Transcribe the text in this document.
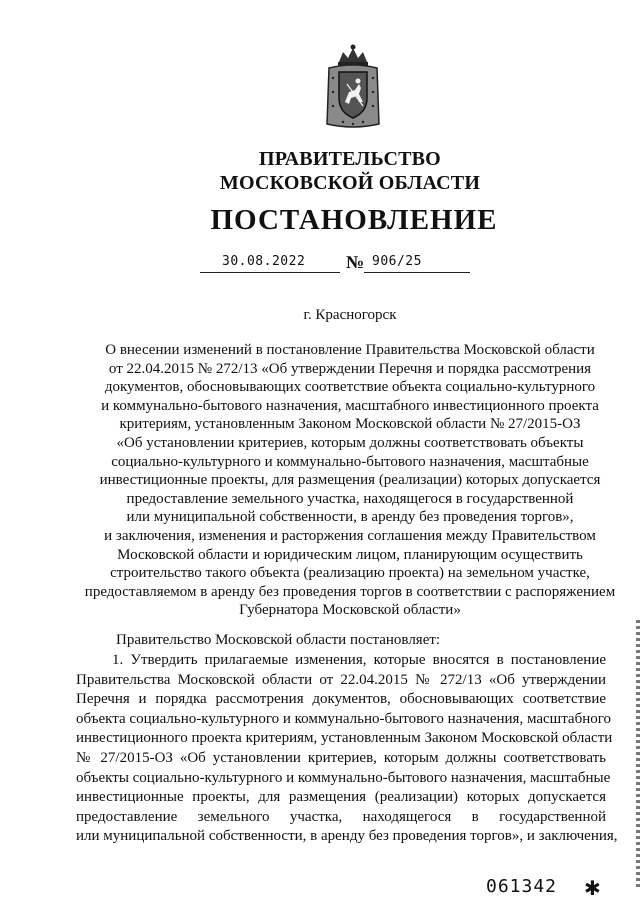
ПРАВИТЕЛЬСТВО
МОСКОВСКОЙ ОБЛАСТИ
ПОСТАНОВЛЕНИЕ
30.08.2022 № 906/25
г. Красногорск
О внесении изменений в постановление Правительства Московской области
от 22.04.2015 № 272/13 «Об утверждении Перечня и порядка рассмотрения
документов, обосновывающих соответствие объекта социально-культурного
и коммунально-бытового назначения, масштабного инвестиционного проекта
критериям, установленным Законом Московской области № 27/2015-ОЗ
«Об установлении критериев, которым должны соответствовать объекты
социально-культурного и коммунально-бытового назначения, масштабные
инвестиционные проекты, для размещения (реализации) которых допускается
предоставление земельного участка, находящегося в государственной
или муниципальной собственности, в аренду без проведения торгов»,
и заключения, изменения и расторжения соглашения между Правительством
Московской области и юридическим лицом, планирующим осуществить
строительство такого объекта (реализацию проекта) на земельном участке,
предоставляемом в аренду без проведения торгов в соответствии с распоряжением
Губернатора Московской области»
Правительство Московской области постановляет:
1. Утвердить прилагаемые изменения, которые вносятся в постановление
Правительства Московской области от 22.04.2015 № 272/13 «Об утверждении
Перечня и порядка рассмотрения документов, обосновывающих соответствие
объекта социально-культурного и коммунально-бытового назначения, масштабного
инвестиционного проекта критериям, установленным Законом Московской области
№ 27/2015-ОЗ «Об установлении критериев, которым должны соответствовать
объекты социально-культурного и коммунально-бытового назначения, масштабные
инвестиционные проекты, для размещения (реализации) которых допускается
предоставление земельного участка, находящегося в государственной
или муниципальной собственности, в аренду без проведения торгов», и заключения,
061342 ✱
